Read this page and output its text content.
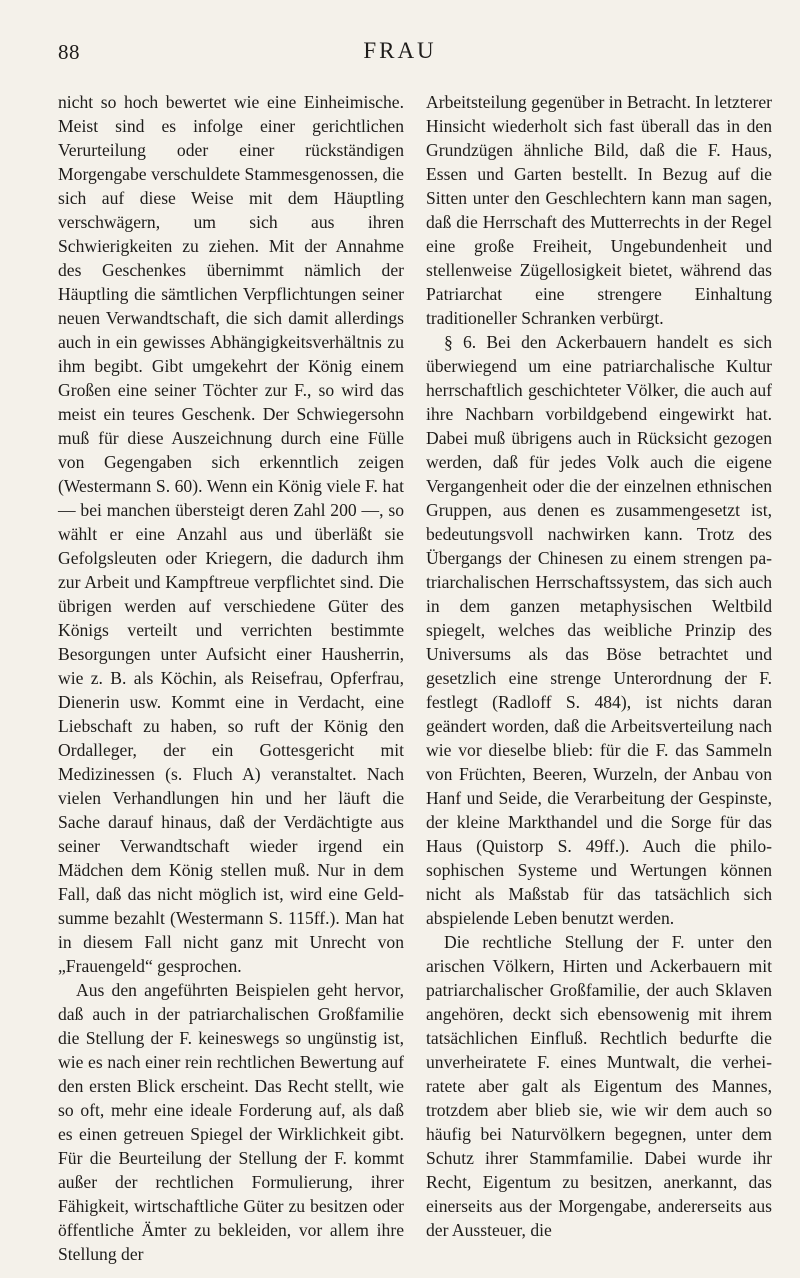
88	FRAU

nicht so hoch bewertet wie eine Einheimische. Meist sind es infolge einer gerichtlichen Verurteilung oder einer rückständigen Morgengabe verschuldete Stammesgenossen, die sich auf diese Weise mit dem Häuptling verschwägern, um sich aus ihren Schwierigkeiten zu ziehen. Mit der Annahme des Geschenkes übernimmt nämlich der Häuptling die sämtlichen Verpflichtungen seiner neuen Verwandtschaft, die sich damit allerdings auch in ein gewisses Abhängigkeitsverhältnis zu ihm begibt. Gibt umgekehrt der König einem Großen eine seiner Töchter zur F., so wird das meist ein teures Geschenk. Der Schwiegersohn muß für diese Auszeichnung durch eine Fülle von Gegengaben sich erkenntlich zeigen (Westermann S. 60). Wenn ein König viele F. hat — bei manchen übersteigt deren Zahl 200 —, so wählt er eine Anzahl aus und überläßt sie Gefolgsleuten oder Kriegern, die dadurch ihm zur Arbeit und Kampftreue verpflichtet sind. Die übrigen werden auf verschiedene Güter des Königs verteilt und verrichten bestimmte Besorgungen unter Aufsicht einer Hausherrin, wie z. B. als Köchin, als Reisefrau, Opferfrau, Dienerin usw. Kommt eine in Verdacht, eine Liebschaft zu haben, so ruft der König den Ordalleger, der ein Gottesgericht mit Medizinessen (s. Fluch A) veranstaltet. Nach vielen Verhandlungen hin und her läuft die Sache darauf hinaus, daß der Verdächtigte aus seiner Verwandtschaft wieder irgend ein Mädchen dem König stellen muß. Nur in dem Fall, daß das nicht möglich ist, wird eine Geldsumme bezahlt (Westermann S. 115ff.). Man hat in diesem Fall nicht ganz mit Unrecht von „Frauengeld“ gesprochen.

Aus den angeführten Beispielen geht hervor, daß auch in der patriarchalischen Großfamilie die Stellung der F. keineswegs so ungünstig ist, wie es nach einer rein rechtlichen Bewertung auf den ersten Blick erscheint. Das Recht stellt, wie so oft, mehr eine ideale Forderung auf, als daß es einen getreuen Spiegel der Wirklichkeit gibt. Für die Beurteilung der Stellung der F. kommt außer der rechtlichen Formulierung, ihrer Fähigkeit, wirtschaftliche Güter zu besitzen oder öffentliche Ämter zu bekleiden, vor allem ihre Stellung der

Arbeitsteilung gegenüber in Betracht. In letzterer Hinsicht wiederholt sich fast überall das in den Grundzügen ähnliche Bild, daß die F. Haus, Essen und Garten bestellt. In Bezug auf die Sitten unter den Geschlechtern kann man sagen, daß die Herrschaft des Mutterrechts in der Regel eine große Freiheit, Ungebundenheit und stellenweise Zügellosigkeit bietet, während das Patriarchat eine strengere Einhaltung traditioneller Schranken verbürgt.

§ 6. Bei den Ackerbauern handelt es sich überwiegend um eine patriarchalische Kultur herrschaftlich geschichteter Völker, die auch auf ihre Nachbarn vorbildgebend eingewirkt hat. Dabei muß übrigens auch in Rücksicht gezogen werden, daß für jedes Volk auch die eigene Vergangenheit oder die der einzelnen ethnischen Gruppen, aus denen es zusammengesetzt ist, bedeutungsvoll nachwirken kann. Trotz des Übergangs der Chinesen zu einem strengen patriarchalischen Herrschaftssystem, das sich auch in dem ganzen metaphysischen Weltbild spiegelt, welches das weibliche Prinzip des Universums als das Böse betrachtet und gesetzlich eine strenge Unterordnung der F. festlegt (Radloff S. 484), ist nichts daran geändert worden, daß die Arbeitsverteilung nach wie vor dieselbe blieb: für die F. das Sammeln von Früchten, Beeren, Wurzeln, der Anbau von Hanf und Seide, die Verarbeitung der Gespinste, der kleine Markthandel und die Sorge für das Haus (Quistorp S. 49ff.). Auch die philosophischen Systeme und Wertungen können nicht als Maßstab für das tatsächlich sich abspielende Leben benutzt werden.

Die rechtliche Stellung der F. unter den arischen Völkern, Hirten und Ackerbauern mit patriarchalischer Großfamilie, der auch Sklaven angehören, deckt sich ebensowenig mit ihrem tatsächlichen Einfluß. Rechtlich bedurfte die unverheiratete F. eines Muntwalt, die verheiratete aber galt als Eigentum des Mannes, trotzdem aber blieb sie, wie wir dem auch so häufig bei Naturvölkern begegnen, unter dem Schutz ihrer Stammfamilie. Dabei wurde ihr Recht, Eigentum zu besitzen, anerkannt, das einerseits aus der Morgengabe, andererseits aus der Aussteuer, die
